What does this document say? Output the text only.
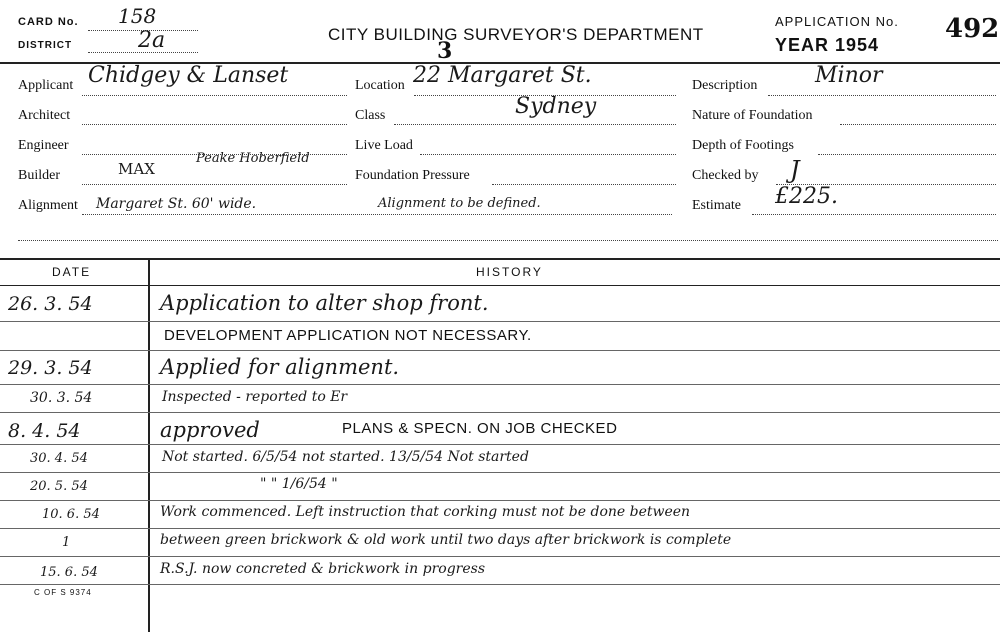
CARD No. 158
DISTRICT	2a	CITY BUILDING SURVEYOR'S DEPARTMENT
3
APPLICATION No. 492
YEAR 1954
Applicant Chidgey & Lanset
Architect
Engineer
Builder	MAX
Peake Hoberfield
Alignment Margaret St. 60' wide.	Alignment to be defined.
Location 22 Margaret St.
Class	Sydney
Live Load
Foundation Pressure
Description	Minor
Nature of Foundation
Depth of Footings
Checked by J
Estimate £225.
DATE	HISTORY
26. 3. 54	Application to alter shop front.
DEVELOPMENT APPLICATION NOT NECESSARY.
29. 3. 54	Applied for alignment.
30. 3. 54	Inspected - reported to Er
8. 4. 54	approved	PLANS & SPECN. ON JOB CHECKED
30. 4. 54	Not started. 6/5/54 not started. 13/5/54 Not started
20. 5. 54	" " 1/6/54 "
10. 6. 54	Work commenced. Left instruction that corking must not be done between
1	between green brickwork & old work until two days after brickwork is complete
15. 6. 54	R.S.J. now concreted & brickwork in progress
C OF S 9374
